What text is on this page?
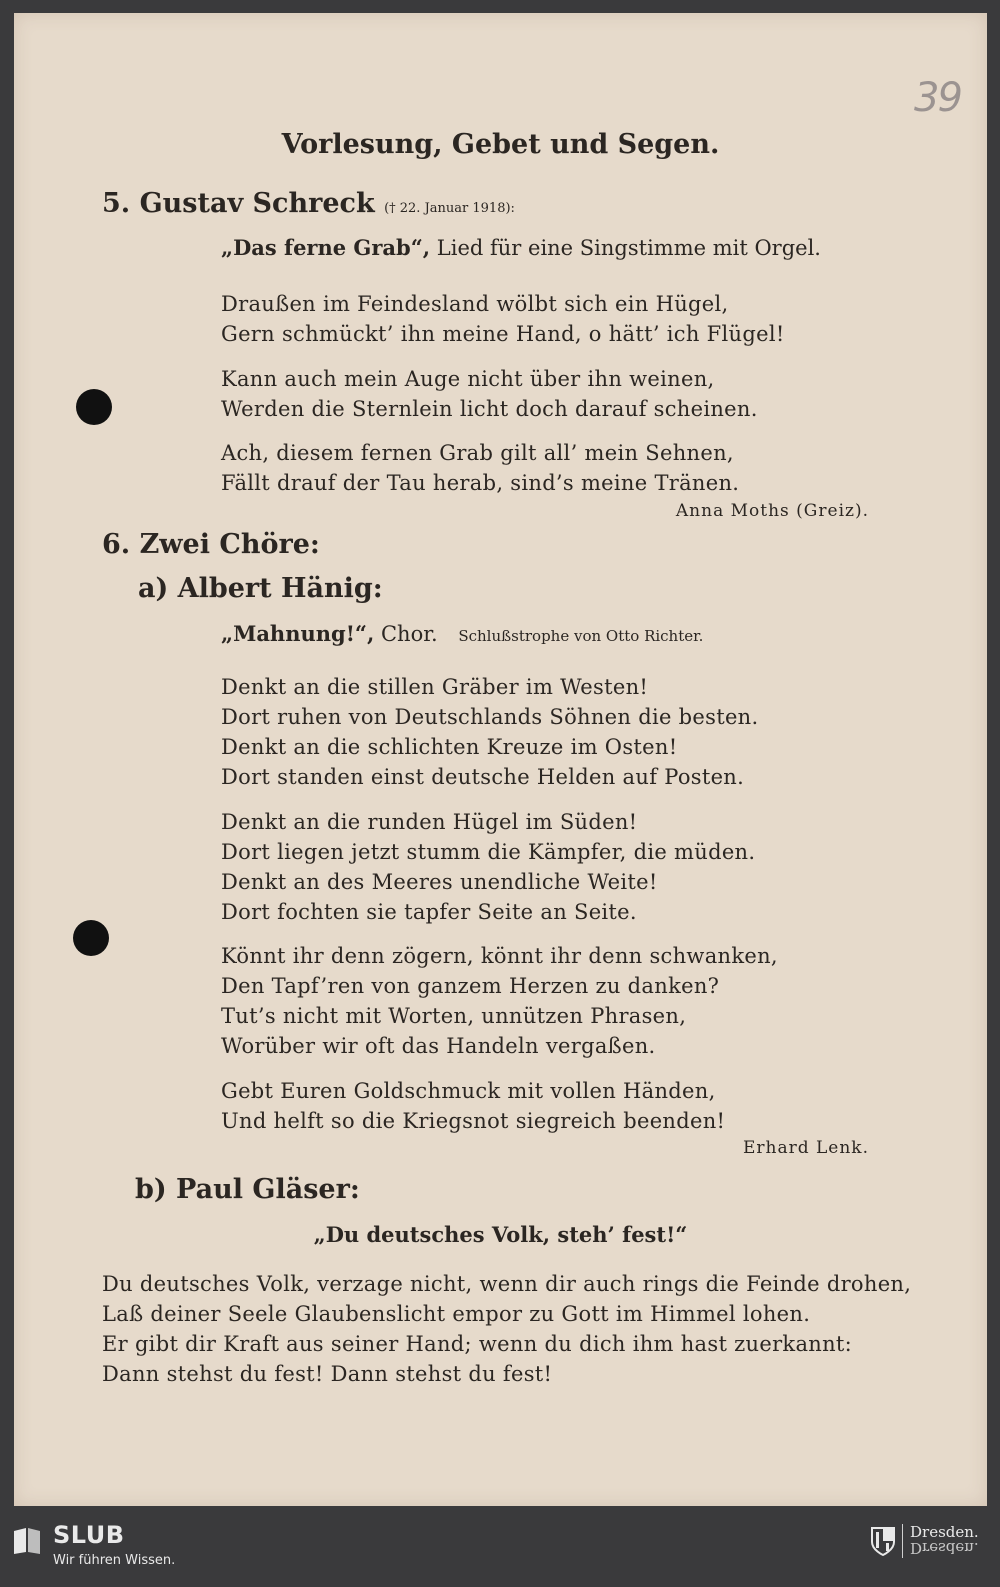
39
Vorlesung, Gebet und Segen.
5. Gustav Schreck († 22. Januar 1918):
„Das ferne Grab“, Lied für eine Singstimme mit Orgel.
Draußen im Feindesland wölbt sich ein Hügel,
Gern schmückt’ ihn meine Hand, o hätt’ ich Flügel!
Kann auch mein Auge nicht über ihn weinen,
Werden die Sternlein licht doch darauf scheinen.
Ach, diesem fernen Grab gilt all’ mein Sehnen,
Fällt drauf der Tau herab, sind’s meine Tränen.
Anna Moths (Greiz).
6. Zwei Chöre:
a) Albert Hänig:
„Mahnung!“, Chor. Schlußstrophe von Otto Richter.
Denkt an die stillen Gräber im Westen!
Dort ruhen von Deutschlands Söhnen die besten.
Denkt an die schlichten Kreuze im Osten!
Dort standen einst deutsche Helden auf Posten.
Denkt an die runden Hügel im Süden!
Dort liegen jetzt stumm die Kämpfer, die müden.
Denkt an des Meeres unendliche Weite!
Dort fochten sie tapfer Seite an Seite.
Könnt ihr denn zögern, könnt ihr denn schwanken,
Den Tapf’ren von ganzem Herzen zu danken?
Tut’s nicht mit Worten, unnützen Phrasen,
Worüber wir oft das Handeln vergaßen.
Gebt Euren Goldschmuck mit vollen Händen,
Und helft so die Kriegsnot siegreich beenden!
Erhard Lenk.
b) Paul Gläser:
„Du deutsches Volk, steh’ fest!“
Du deutsches Volk, verzage nicht, wenn dir auch rings die Feinde drohen,
Laß deiner Seele Glaubenslicht empor zu Gott im Himmel lohen.
Er gibt dir Kraft aus seiner Hand; wenn du dich ihm hast zuerkannt:
Dann stehst du fest! Dann stehst du fest!
SLUB
Wir führen Wissen.
Dresden.
Dresden.
